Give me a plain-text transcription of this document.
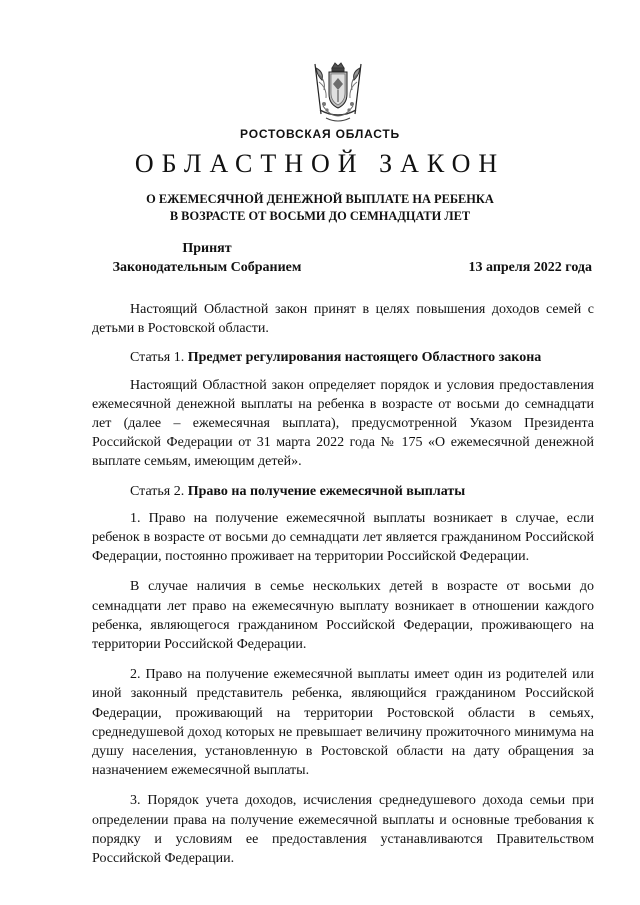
РОСТОВСКАЯ ОБЛАСТЬ
ОБЛАСТНОЙ ЗАКОН
О ЕЖЕМЕСЯЧНОЙ ДЕНЕЖНОЙ ВЫПЛАТЕ НА РЕБЕНКА
В ВОЗРАСТЕ ОТ ВОСЬМИ ДО СЕМНАДЦАТИ ЛЕТ
Принят
Законодательным Собранием	13 апреля 2022 года

Настоящий Областной закон принят в целях повышения доходов семей с детьми в Ростовской области.

Статья 1. Предмет регулирования настоящего Областного закона

Настоящий Областной закон определяет порядок и условия предоставления ежемесячной денежной выплаты на ребенка в возрасте от восьми до семнадцати лет (далее – ежемесячная выплата), предусмотренной Указом Президента Российской Федерации от 31 марта 2022 года № 175 «О ежемесячной денежной выплате семьям, имеющим детей».

Статья 2. Право на получение ежемесячной выплаты

1. Право на получение ежемесячной выплаты возникает в случае, если ребенок в возрасте от восьми до семнадцати лет является гражданином Российской Федерации, постоянно проживает на территории Российской Федерации.

В случае наличия в семье нескольких детей в возрасте от восьми до семнадцати лет право на ежемесячную выплату возникает в отношении каждого ребенка, являющегося гражданином Российской Федерации, проживающего на территории Российской Федерации.

2. Право на получение ежемесячной выплаты имеет один из родителей или иной законный представитель ребенка, являющийся гражданином Российской Федерации, проживающий на территории Ростовской области в семьях, среднедушевой доход которых не превышает величину прожиточного минимума на душу населения, установленную в Ростовской области на дату обращения за назначением ежемесячной выплаты.

3. Порядок учета доходов, исчисления среднедушевого дохода семьи при определении права на получение ежемесячной выплаты и основные требования к порядку и условиям ее предоставления устанавливаются Правительством Российской Федерации.
